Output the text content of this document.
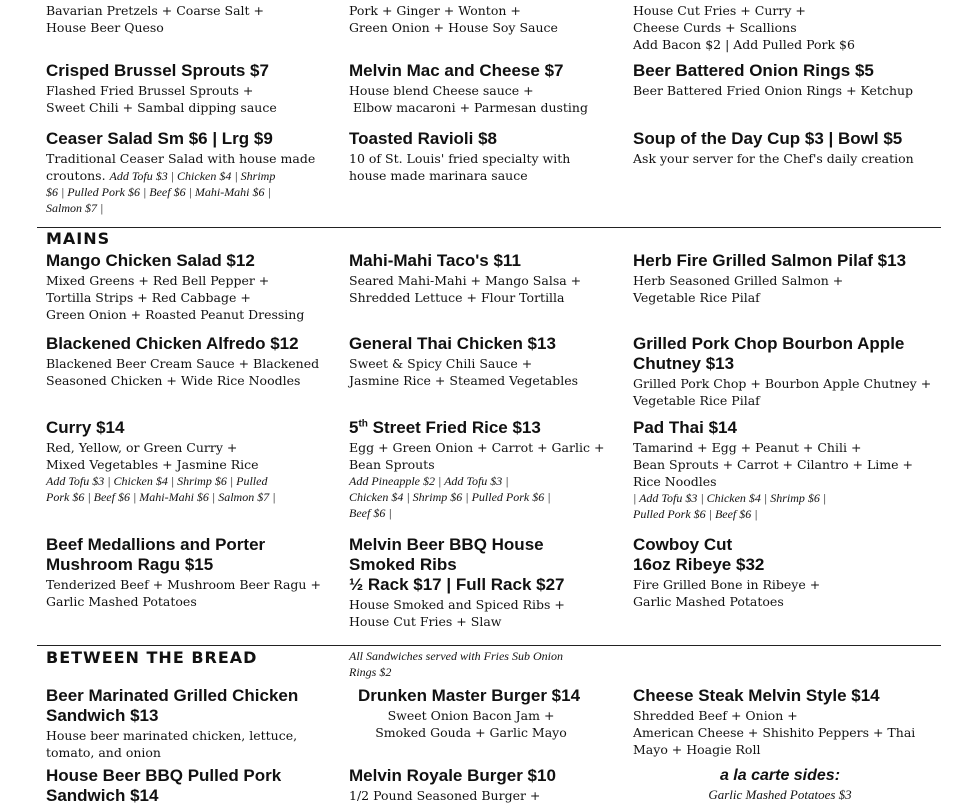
Bavarian Pretzels + Coarse Salt +
House Beer Queso
Pork + Ginger + Wonton +
Green Onion + House Soy Sauce
House Cut Fries + Curry +
Cheese Curds + Scallions
Add Bacon $2 | Add Pulled Pork $6
Crisped Brussel Sprouts $7
Flashed Fried Brussel Sprouts +
Sweet Chili + Sambal dipping sauce
Melvin Mac and Cheese $7
House blend Cheese sauce +
Elbow macaroni + Parmesan dusting
Beer Battered Onion Rings $5
Beer Battered Fried Onion Rings + Ketchup
Ceaser Salad Sm $6 | Lrg $9
Traditional Ceaser Salad with house made
croutons. Add Tofu $3 | Chicken $4 | Shrimp
$6 | Pulled Pork $6 | Beef $6 | Mahi-Mahi $6 |
Salmon $7 |
Toasted Ravioli $8
10 of St. Louis' fried specialty with
house made marinara sauce
Soup of the Day Cup $3 | Bowl $5
Ask your server for the Chef's daily creation
MAINS
Mango Chicken Salad $12
Mixed Greens + Red Bell Pepper +
Tortilla Strips + Red Cabbage +
Green Onion + Roasted Peanut Dressing
Mahi-Mahi Taco's $11
Seared Mahi-Mahi + Mango Salsa +
Shredded Lettuce + Flour Tortilla
Herb Fire Grilled Salmon Pilaf $13
Herb Seasoned Grilled Salmon +
Vegetable Rice Pilaf
Blackened Chicken Alfredo $12
Blackened Beer Cream Sauce + Blackened
Seasoned Chicken + Wide Rice Noodles
General Thai Chicken $13
Sweet & Spicy Chili Sauce +
Jasmine Rice + Steamed Vegetables
Grilled Pork Chop Bourbon Apple
Chutney $13
Grilled Pork Chop + Bourbon Apple Chutney +
Vegetable Rice Pilaf
Curry $14
Red, Yellow, or Green Curry +
Mixed Vegetables + Jasmine Rice
Add Tofu $3 | Chicken $4 | Shrimp $6 | Pulled
Pork $6 | Beef $6 | Mahi-Mahi $6 | Salmon $7 |
5th Street Fried Rice $13
Egg + Green Onion + Carrot + Garlic +
Bean Sprouts
Add Pineapple $2 | Add Tofu $3 |
Chicken $4 | Shrimp $6 | Pulled Pork $6 |
Beef $6 |
Pad Thai $14
Tamarind + Egg + Peanut + Chili +
Bean Sprouts + Carrot + Cilantro + Lime +
Rice Noodles
| Add Tofu $3 | Chicken $4 | Shrimp $6 |
Pulled Pork $6 | Beef $6 |
Beef Medallions and Porter
Mushroom Ragu $15
Tenderized Beef + Mushroom Beer Ragu +
Garlic Mashed Potatoes
Melvin Beer BBQ House
Smoked Ribs
½ Rack $17 | Full Rack $27
House Smoked and Spiced Ribs +
House Cut Fries + Slaw
Cowboy Cut
16oz Ribeye $32
Fire Grilled Bone in Ribeye +
Garlic Mashed Potatoes
BETWEEN THE BREAD	All Sandwiches served with Fries Sub Onion
Rings $2
Beer Marinated Grilled Chicken
Sandwich $13
House beer marinated chicken, lettuce,
tomato, and onion
Drunken Master Burger $14
Sweet Onion Bacon Jam +
Smoked Gouda + Garlic Mayo
Cheese Steak Melvin Style $14
Shredded Beef + Onion +
American Cheese + Shishito Peppers + Thai
Mayo + Hoagie Roll
House Beer BBQ Pulled Pork
Sandwich $14
Melvin Royale Burger $10
1/2 Pound Seasoned Burger +
a la carte sides:
Garlic Mashed Potatoes $3
